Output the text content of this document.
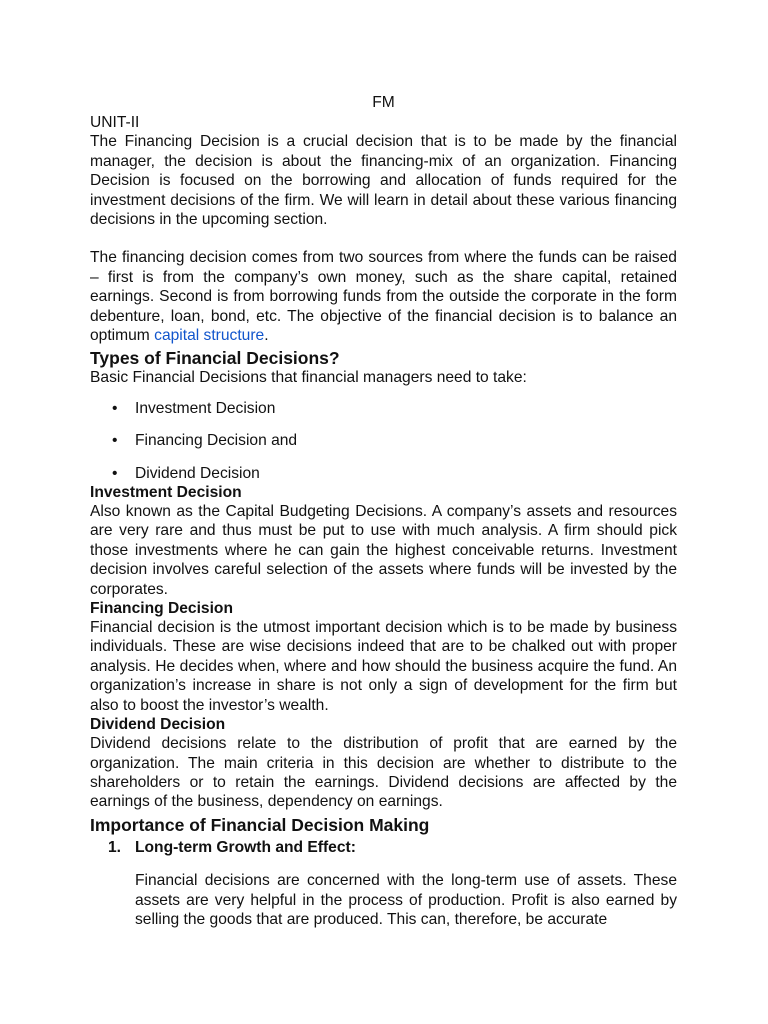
FM

UNIT-II

The Financing Decision is a crucial decision that is to be made by the financial manager, the decision is about the financing-mix of an organization. Financing Decision is focused on the borrowing and allocation of funds required for the investment decisions of the firm. We will learn in detail about these various financing decisions in the upcoming section.

The financing decision comes from two sources from where the funds can be raised – first is from the company’s own money, such as the share capital, retained earnings. Second is from borrowing funds from the outside the corporate in the form debenture, loan, bond, etc. The objective of the financial decision is to balance an optimum capital structure.

Types of Financial Decisions?

Basic Financial Decisions that financial managers need to take:

• Investment Decision
• Financing Decision and
• Dividend Decision
Investment Decision

Also known as the Capital Budgeting Decisions. A company’s assets and resources are very rare and thus must be put to use with much analysis. A firm should pick those investments where he can gain the highest conceivable returns. Investment decision involves careful selection of the assets where funds will be invested by the corporates.

Financing Decision

Financial decision is the utmost important decision which is to be made by business individuals. These are wise decisions indeed that are to be chalked out with proper analysis. He decides when, where and how should the business acquire the fund. An organization’s increase in share is not only a sign of development for the firm but also to boost the investor’s wealth.

Dividend Decision

Dividend decisions relate to the distribution of profit that are earned by the organization. The main criteria in this decision are whether to distribute to the shareholders or to retain the earnings. Dividend decisions are affected by the earnings of the business, dependency on earnings.

Importance of Financial Decision Making
1. Long-term Growth and Effect:

Financial decisions are concerned with the long-term use of assets. These assets are very helpful in the process of production. Profit is also earned by selling the goods that are produced. This can, therefore, be accurate
